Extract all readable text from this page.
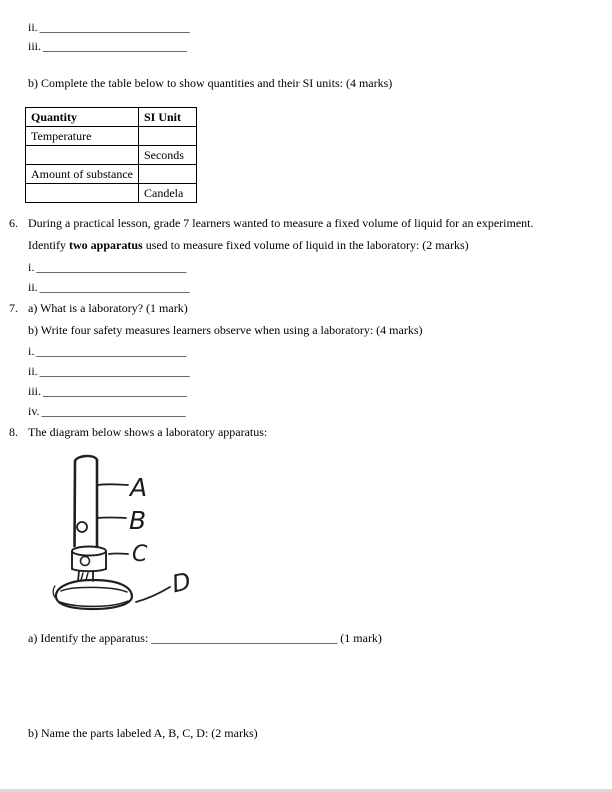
ii. _________________________
iii. ________________________
b) Complete the table below to show quantities and their SI units: (4 marks)
Quantity	SI Unit
Temperature	
	Seconds
Amount of substance	
	Candela
6. During a practical lesson, grade 7 learners wanted to measure a fixed volume of liquid for an experiment.
Identify two apparatus used to measure fixed volume of liquid in the laboratory: (2 marks)
i. _________________________
ii. _________________________
7. a) What is a laboratory? (1 mark)
b) Write four safety measures learners observe when using a laboratory: (4 marks)
i. _________________________
ii. _________________________
iii. ________________________
iv. ________________________
8. The diagram below shows a laboratory apparatus:
A
B
C
D
a) Identify the apparatus: _______________________________ (1 mark)
b) Name the parts labeled A, B, C, D: (2 marks)
